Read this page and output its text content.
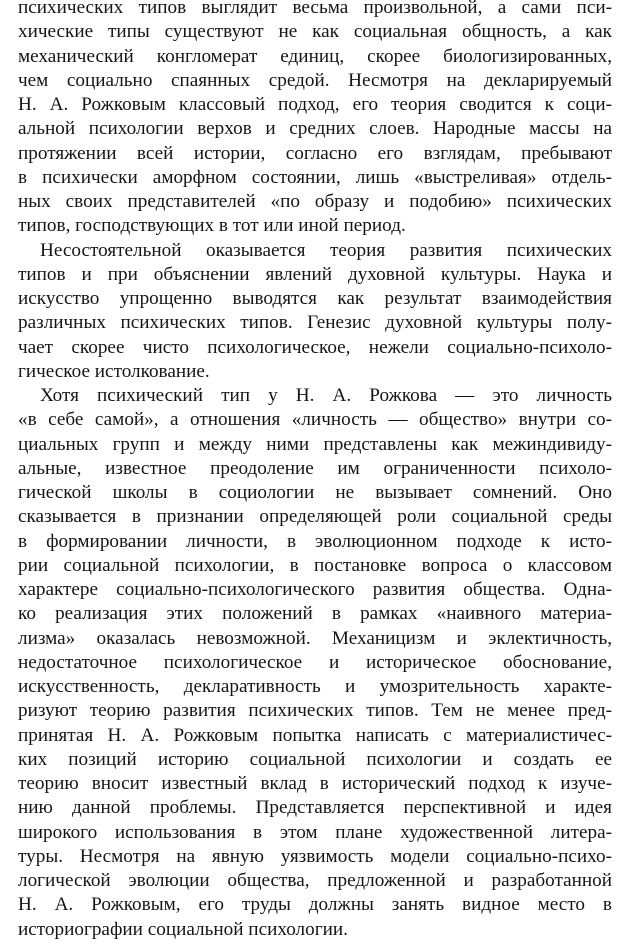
психических типов выглядит весьма произвольной, а сами пси-
хические типы существуют не как социальная общность, а как
механический конгломерат единиц, скорее биологизированных,
чем социально спаянных средой. Несмотря на декларируемый
Н. А. Рожковым классовый подход, его теория сводится к соци-
альной психологии верхов и средних слоев. Народные массы на
протяжении всей истории, согласно его взглядам, пребывают
в психически аморфном состоянии, лишь «выстреливая» отдель-
ных своих представителей «по образу и подобию» психических
типов, господствующих в тот или иной период.
Несостоятельной оказывается теория развития психических
типов и при объяснении явлений духовной культуры. Наука и
искусство упрощенно выводятся как результат взаимодействия
различных психических типов. Генезис духовной культуры полу-
чает скорее чисто психологическое, нежели социально-психоло-
гическое истолкование.
Хотя психический тип у Н. А. Рожкова — это личность
«в себе самой», а отношения «личность — общество» внутри со-
циальных групп и между ними представлены как межиндивиду-
альные, известное преодоление им ограниченности психоло-
гической школы в социологии не вызывает сомнений. Оно
сказывается в признании определяющей роли социальной среды
в формировании личности, в эволюционном подходе к исто-
рии социальной психологии, в постановке вопроса о классовом
характере социально-психологического развития общества. Одна-
ко реализация этих положений в рамках «наивного материа-
лизма» оказалась невозможной. Механицизм и эклектичность,
недостаточное психологическое и историческое обоснование,
искусственность, декларативность и умозрительность характе-
ризуют теорию развития психических типов. Тем не менее пред-
принятая Н. А. Рожковым попытка написать с материалистичес-
ких позиций историю социальной психологии и создать ее
теорию вносит известный вклад в исторический подход к изуче-
нию данной проблемы. Представляется перспективной и идея
широкого использования в этом плане художественной литера-
туры. Несмотря на явную уязвимость модели социально-психо-
логической эволюции общества, предложенной и разработанной
Н. А. Рожковым, его труды должны занять видное место в
историографии социальной психологии.
